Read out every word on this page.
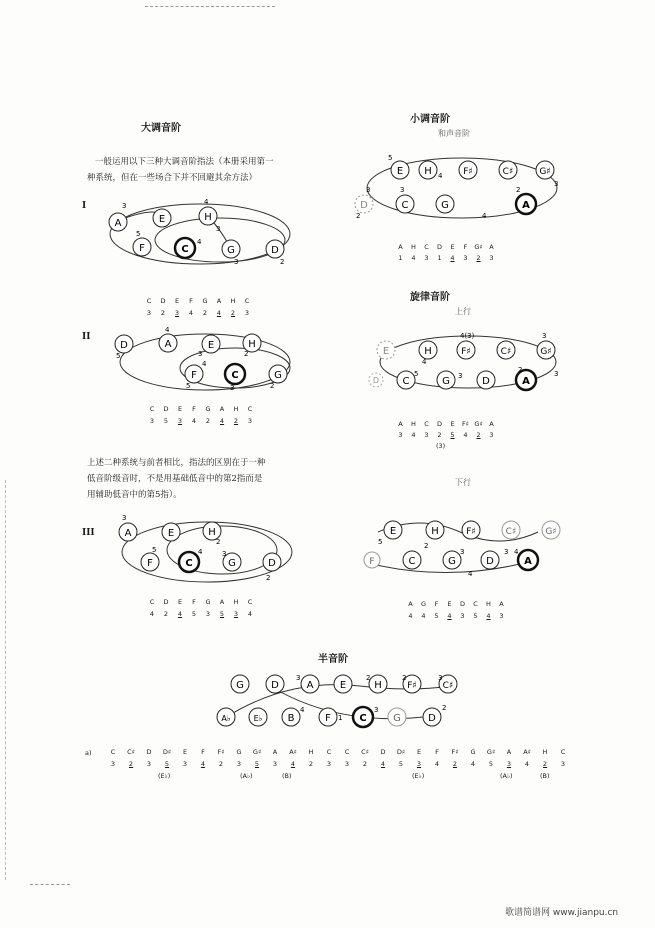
大调音阶
一般运用以下三种大调音阶指法（本册采用第一
种系统，但在一些场合下并不回避其余方法）
I
A	E	H
D
F	C	G
3	4
3
5
4
3	2
C D E F G A H C
3 2 3 4 2 4 2 3
II
D	A	E	H
F	C	G
4
5	3	2
4
5	3	2
C D E F G A H C
3 5 3 4 2 4 2 3
上述二种系统与前者相比，指法的区别在于一种
低音阶级音时，不是用基础低音中的第2指而是
用辅助低音中的第5指）。
III	A	E	H
F	C	G	D
3
5
2
4	3
2
C D E F G A H C
4 2 4 5 3 5 3 4
小调音阶
和声音阶
E H	F♯	C♯	G♯
D	C	G	A
5
4
3
2
3
4
2
3
A H C D E F G♯ A
1 4 3 1 4 3 2 3
旋律音阶
上行
E	H	F♯	C♯	G♯
D C	G	D	A
4(3)	3
4
5	3
2	3
A H C D E F♯ G♯ A
3 4 3 2 5 4 2 3
(3)
下行
E	H	F♯	C♯	G♯
F	C	G	D	A
5	2
3
4
3 4
A G F E D C H A
4 4 5 4 3 5 4 3
半音阶
G	D	A	E	H	F♯	C♯
A♭	E♭	B	F	C	G	D
3	2	2	3
4
1
3	2
a)	C C♯ D D♯ E F F♯ G G♯ A A♯ H C C C♯ D D♯ E F F♯ G G♯ A A♯ H C
3 2 3 5 3 4 2 3 5 3 4 2 3 3 2 4 5 3 4 2 4 5 3 4 2 3
(E♭)	(A♭)	(B)	(E♭)	(A♭)	(B)
歌谱简谱网 www.jianpu.cn
